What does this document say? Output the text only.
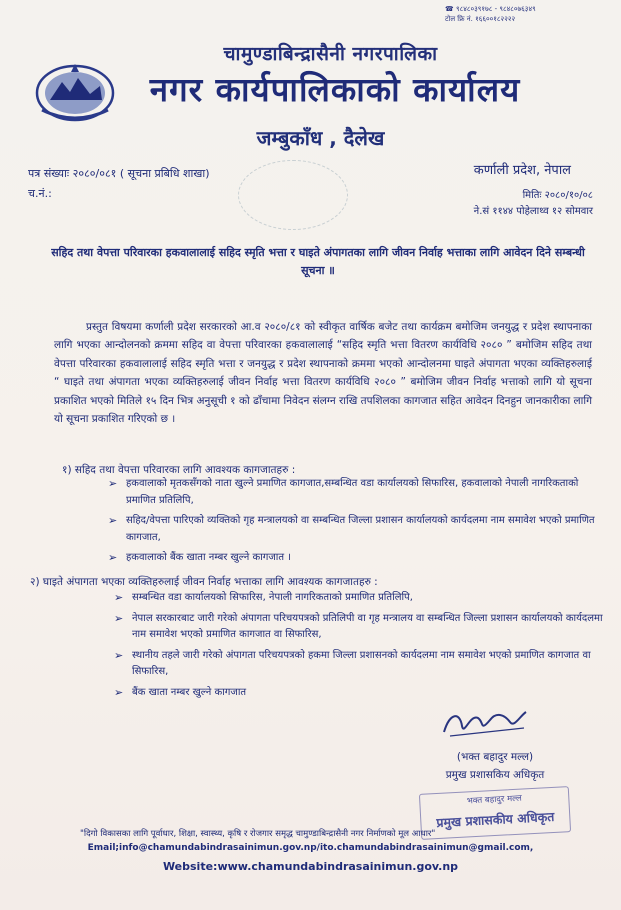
☎ ९८४८०३९१७८ - ९८४८०७६३४९
टोल फ्रि नं. १६६००१८२२२२
चामुण्डाबिन्द्रासैनी नगरपालिका
नगर कार्यपालिकाको कार्यालय
जम्बुकाँध , दैलेख
पत्र संख्याः २०८०/०८१ ( सूचना प्रबिधि शाखा)	कर्णाली प्रदेश, नेपाल
च.नं.:	मितिः २०८०/१०/०८
ने.सं ११४४ पोहेलाथ्व १२ सोमवार
सहिद तथा वेपत्ता परिवारका हकवालालाई सहिद स्मृति भत्ता र घाइते अंपागतका लागि जीवन निर्वाह भत्ताका लागि आवेदन दिने सम्बन्धी सूचना ॥
प्रस्तुत विषयमा कर्णाली प्रदेश सरकारको आ.व २०८०/८१ को स्वीकृत वार्षिक बजेट तथा कार्यक्रम बमोजिम जनयुद्ध र प्रदेश स्थापनाका लागि भएका आन्दोलनको क्रममा सहिद वा वेपत्ता परिवारका हकवालालाई “सहिद स्मृति भत्ता वितरण कार्यविधि २०८० ” बमोजिम सहिद तथा वेपत्ता परिवारका हकवालालाई सहिद स्मृति भत्ता र जनयुद्ध र प्रदेश स्थापनाको क्रममा भएको आन्दोलनमा घाइते अंपागता भएका व्यक्तिहरुलाई “ घाइते तथा अंपागता भएका व्यक्तिहरुलाई जीवन निर्वाह भत्ता वितरण कार्यविधि २०८० ” बमोजिम जीवन निर्वाह भत्ताको लागि यो सूचना प्रकाशित भएको मितिले १५ दिन भित्र अनुसूची १ को ढाँचामा निवेदन संलग्न राखि तपशिलका कागजात सहित आवेदन दिनहुन जानकारीका लागि यो सूचना प्रकाशित गरिएको छ ।
१) सहिद तथा वेपत्ता परिवारका लागि आवश्यक कागजातहरु :
➢ हकवालाको मृतकसँगको नाता खुल्ने प्रमाणित कागजात,सम्बन्धित वडा कार्यालयको सिफारिस, हकवालाको नेपाली नागरिकताको प्रमाणित प्रतिलिपि,
➢ सहिद/वेपत्ता पारिएको व्यक्तिको गृह मन्त्रालयको वा सम्बन्धित जिल्ला प्रशासन कार्यालयको कार्यदलमा नाम समावेश भएको प्रमाणित कागजात,
➢ हकवालाको बैंक खाता नम्बर खुल्ने कागजात ।
२) घाइते अंपागता भएका व्यक्तिहरुलाई जीवन निर्वाह भत्ताका लागि आवश्यक कागजातहरु :
➢ सम्बन्धित वडा कार्यालयको सिफारिस, नेपाली नागरिकताको प्रमाणित प्रतिलिपि,
➢ नेपाल सरकारबाट जारी गरेको अंपागता परिचयपत्रको प्रतिलिपी वा गृह मन्त्रालय वा सम्बन्धित जिल्ला प्रशासन कार्यालयको कार्यदलमा नाम समावेश भएको प्रमाणित कागजात वा सिफारिस,
➢ स्थानीय तहले जारी गरेको अंपागता परिचयपत्रको हकमा जिल्ला प्रशासनको कार्यदलमा नाम समावेश भएको प्रमाणित कागजात वा सिफारिस,
➢ बैंक खाता नम्बर खुल्ने कागजात
(भक्त बहादुर मल्ल)
प्रमुख प्रशासकिय अधिकृत
भक्त बहादुर मल्ल
प्रमुख प्रशासकीय अधिकृत
"दिगो विकासका लागि पूर्वाधार, शिक्षा, स्वास्थ्य, कृषि र रोजगार समृद्ध चामुण्डाबिन्द्रासैनी नगर निर्माणको मूल आधार"
Email;info@chamundabindrasainimun.gov.np/ito.chamundabindrasainimun@gmail.com,
Website:www.chamundabindrasainimun.gov.np
